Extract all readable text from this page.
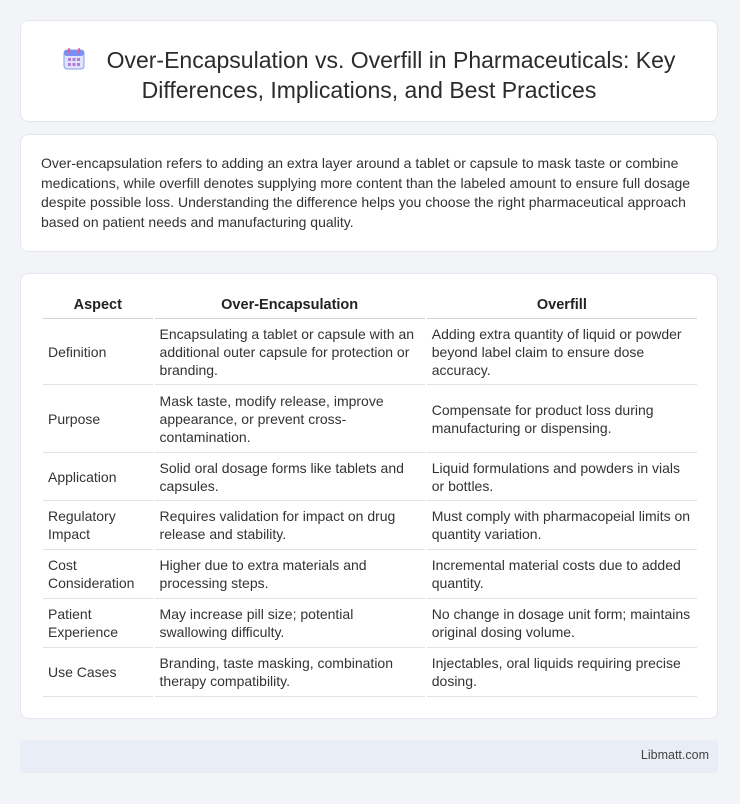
Over-Encapsulation vs. Overfill in Pharmaceuticals: Key Differences, Implications, and Best Practices
Over-encapsulation refers to adding an extra layer around a tablet or capsule to mask taste or combine medications, while overfill denotes supplying more content than the labeled amount to ensure full dosage despite possible loss. Understanding the difference helps you choose the right pharmaceutical approach based on patient needs and manufacturing quality.
Aspect	Over-Encapsulation	Overfill
Definition	Encapsulating a tablet or capsule with an additional outer capsule for protection or branding.	Adding extra quantity of liquid or powder beyond label claim to ensure dose accuracy.
Purpose	Mask taste, modify release, improve appearance, or prevent cross-contamination.	Compensate for product loss during manufacturing or dispensing.
Application	Solid oral dosage forms like tablets and capsules.	Liquid formulations and powders in vials or bottles.
Regulatory Impact	Requires validation for impact on drug release and stability.	Must comply with pharmacopeial limits on quantity variation.
Cost Consideration	Higher due to extra materials and processing steps.	Incremental material costs due to added quantity.
Patient Experience	May increase pill size; potential swallowing difficulty.	No change in dosage unit form; maintains original dosing volume.
Use Cases	Branding, taste masking, combination therapy compatibility.	Injectables, oral liquids requiring precise dosing.
Libmatt.com
